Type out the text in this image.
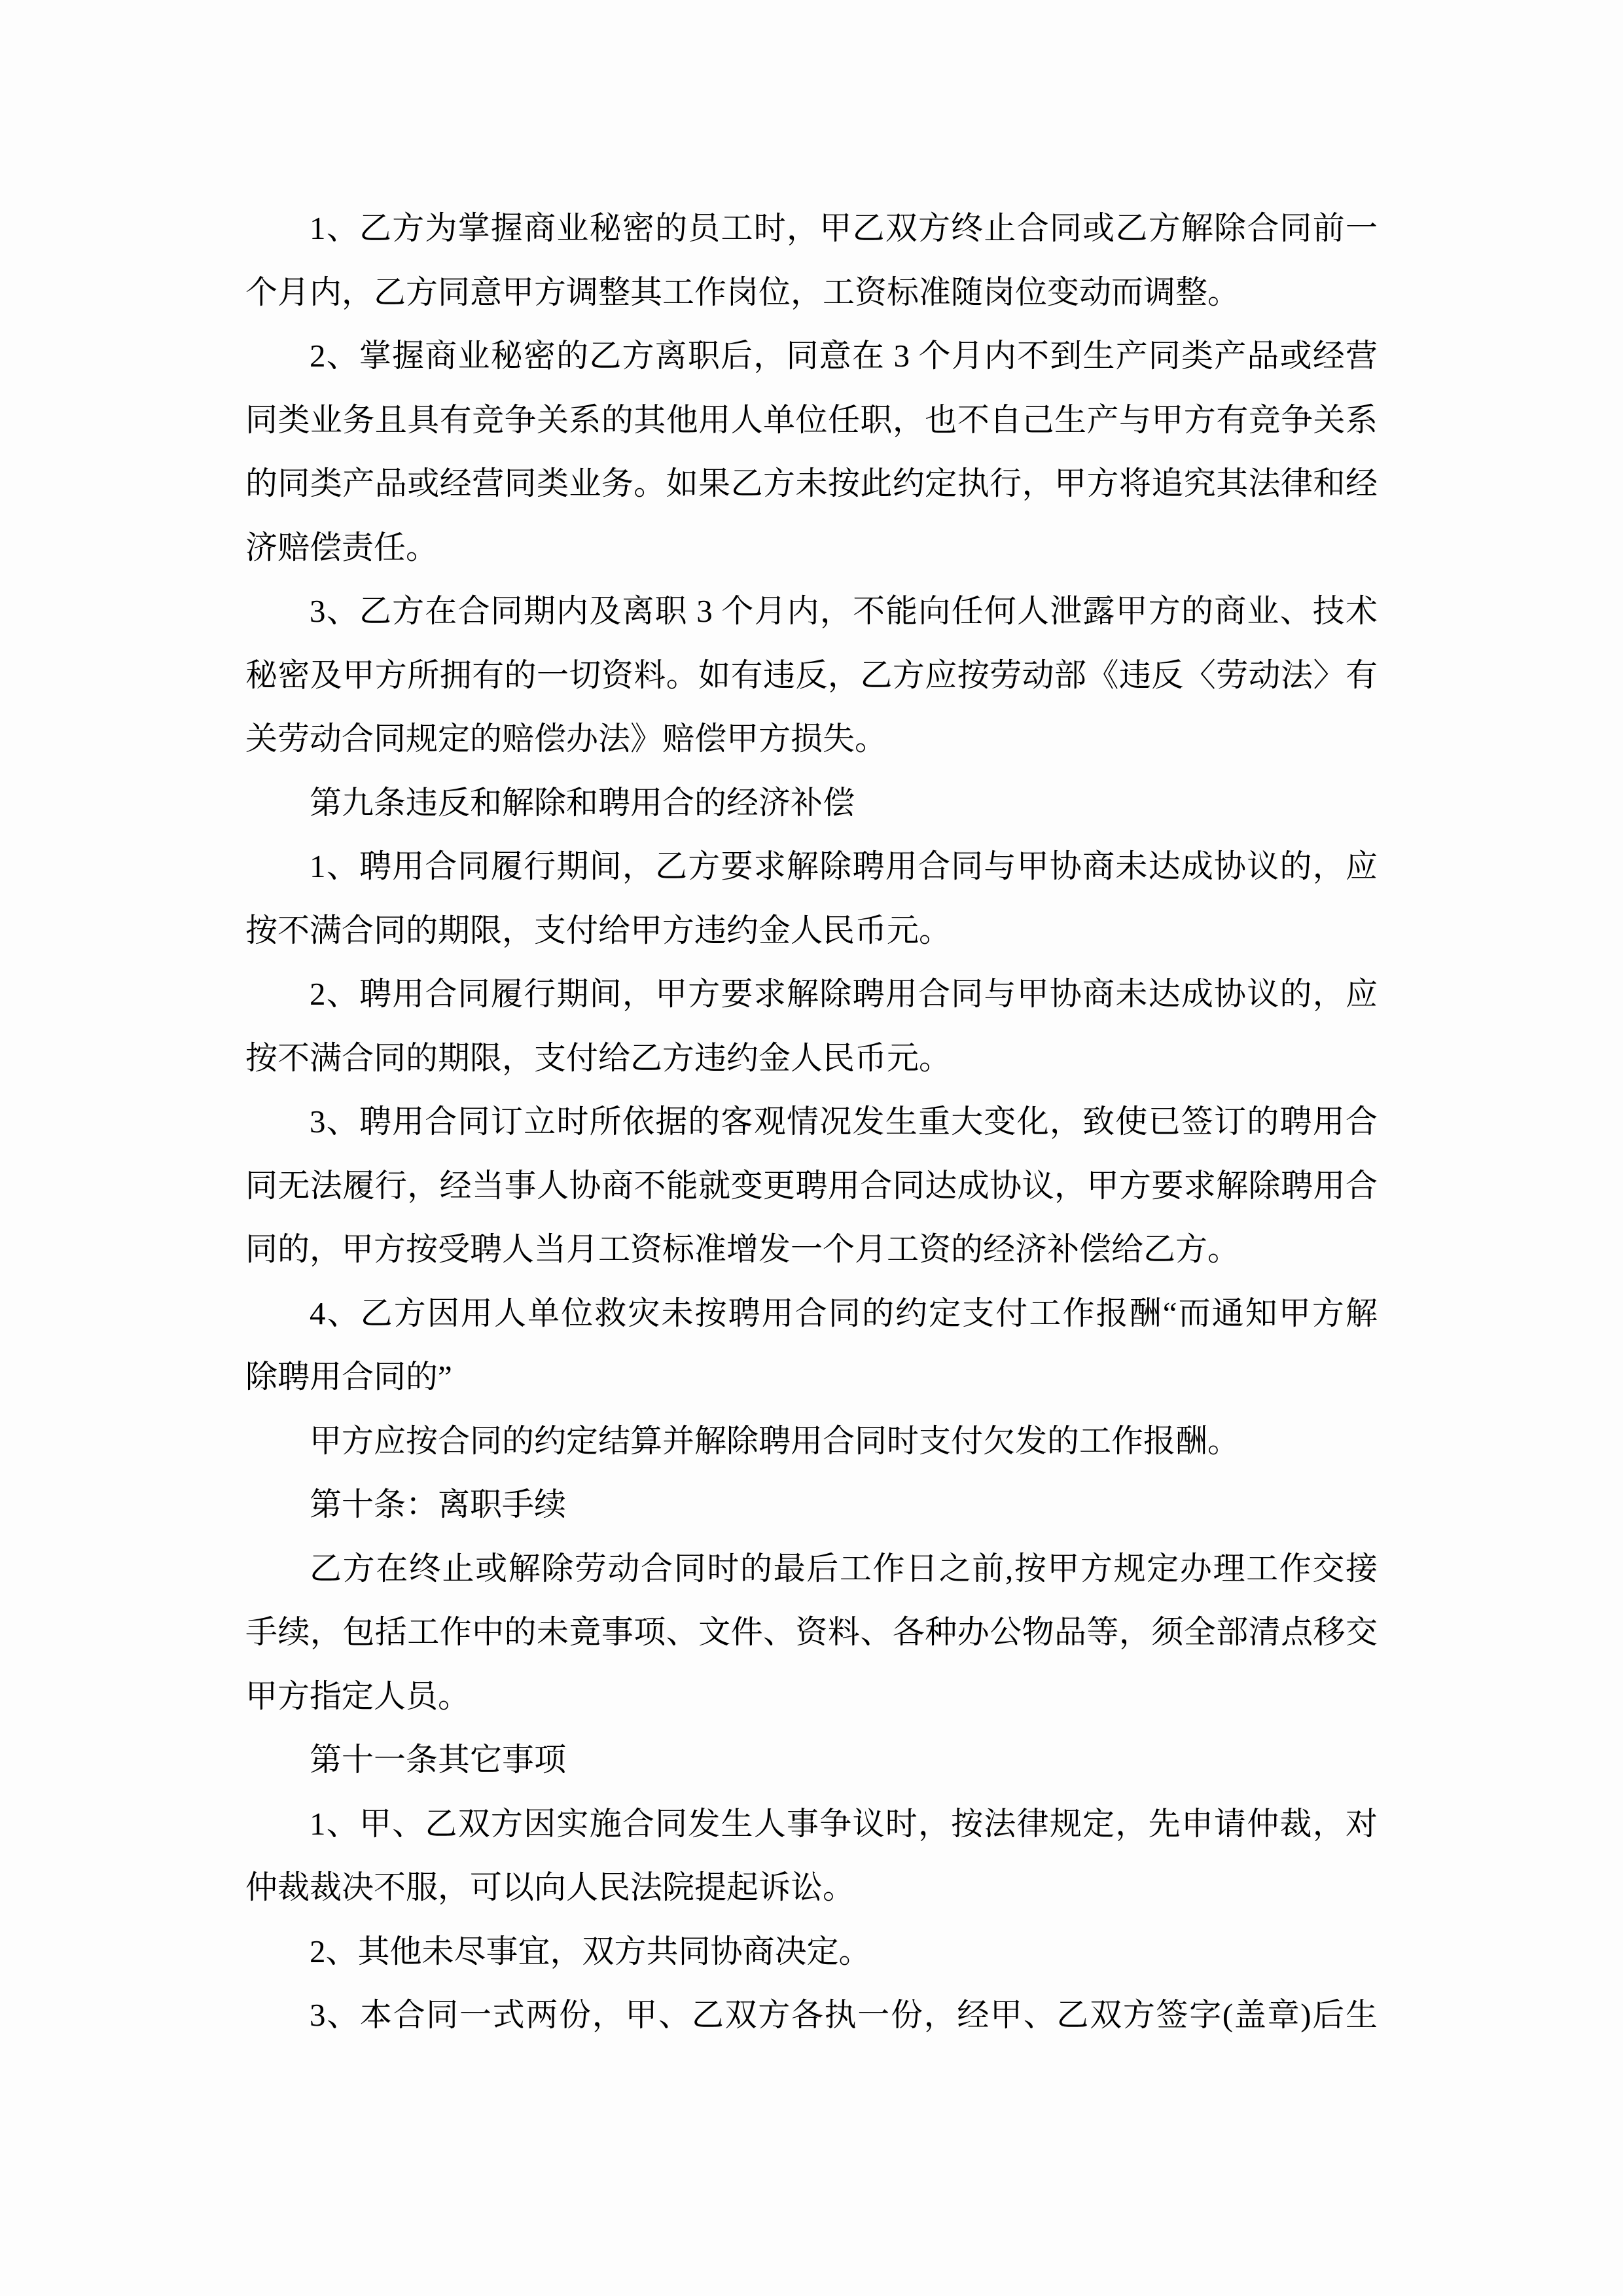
1、乙方为掌握商业秘密的员工时，甲乙双方终止合同或乙方解除合同前一
个月内，乙方同意甲方调整其工作岗位，工资标准随岗位变动而调整。
2、掌握商业秘密的乙方离职后，同意在 3 个月内不到生产同类产品或经营
同类业务且具有竞争关系的其他用人单位任职，也不自己生产与甲方有竞争关系
的同类产品或经营同类业务。如果乙方未按此约定执行，甲方将追究其法律和经
济赔偿责任。
3、乙方在合同期内及离职 3 个月内，不能向任何人泄露甲方的商业、技术
秘密及甲方所拥有的一切资料。如有违反，乙方应按劳动部《违反〈劳动法〉有
关劳动合同规定的赔偿办法》赔偿甲方损失。
第九条违反和解除和聘用合的经济补偿
1、聘用合同履行期间，乙方要求解除聘用合同与甲协商未达成协议的，应
按不满合同的期限，支付给甲方违约金人民币元。
2、聘用合同履行期间，甲方要求解除聘用合同与甲协商未达成协议的，应
按不满合同的期限，支付给乙方违约金人民币元。
3、聘用合同订立时所依据的客观情况发生重大变化，致使已签订的聘用合
同无法履行，经当事人协商不能就变更聘用合同达成协议，甲方要求解除聘用合
同的，甲方按受聘人当月工资标准增发一个月工资的经济补偿给乙方。
4、乙方因用人单位救灾未按聘用合同的约定支付工作报酬“而通知甲方解
除聘用合同的”
甲方应按合同的约定结算并解除聘用合同时支付欠发的工作报酬。
第十条：离职手续
乙方在终止或解除劳动合同时的最后工作日之前,按甲方规定办理工作交接
手续，包括工作中的未竟事项、文件、资料、各种办公物品等，须全部清点移交
甲方指定人员。
第十一条其它事项
1、甲、乙双方因实施合同发生人事争议时，按法律规定，先申请仲裁，对
仲裁裁决不服，可以向人民法院提起诉讼。
2、其他未尽事宜，双方共同协商决定。
3、本合同一式两份，甲、乙双方各执一份，经甲、乙双方签字(盖章)后生
